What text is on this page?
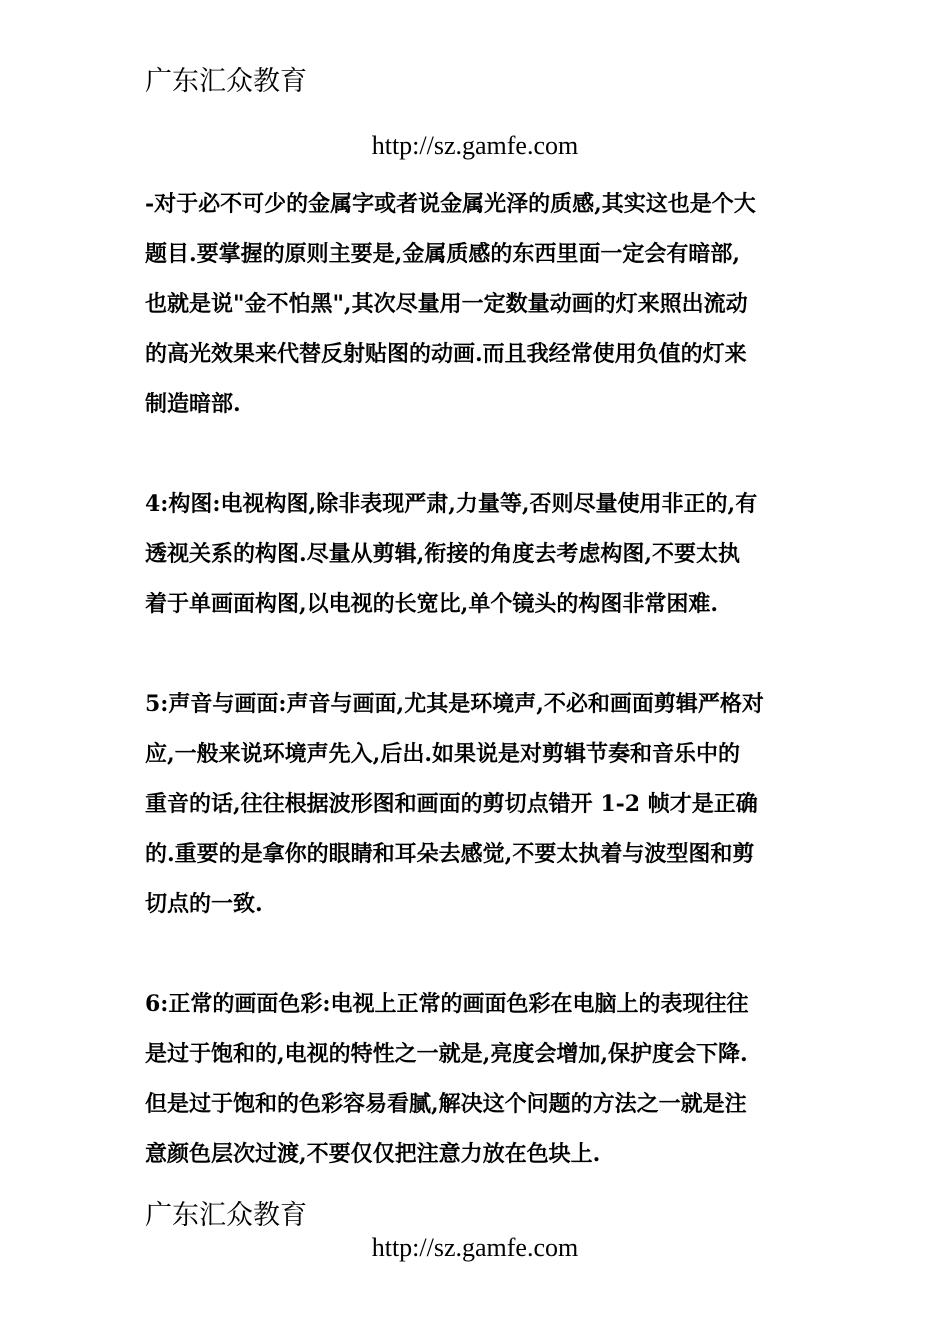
广东汇众教育
http://sz.gamfe.com

-对于必不可少的金属字或者说金属光泽的质感,其实这也是个大
题目.要掌握的原则主要是,金属质感的东西里面一定会有暗部,
也就是说"金不怕黑",其次尽量用一定数量动画的灯来照出流动
的高光效果来代替反射贴图的动画.而且我经常使用负值的灯来
制造暗部.

4:构图:电视构图,除非表现严肃,力量等,否则尽量使用非正的,有
透视关系的构图.尽量从剪辑,衔接的角度去考虑构图,不要太执
着于单画面构图,以电视的长宽比,单个镜头的构图非常困难.

5:声音与画面:声音与画面,尤其是环境声,不必和画面剪辑严格对
应,一般来说环境声先入,后出.如果说是对剪辑节奏和音乐中的
重音的话,往往根据波形图和画面的剪切点错开 1-2 帧才是正确
的.重要的是拿你的眼睛和耳朵去感觉,不要太执着与波型图和剪
切点的一致.

6:正常的画面色彩:电视上正常的画面色彩在电脑上的表现往往
是过于饱和的,电视的特性之一就是,亮度会增加,保护度会下降.
但是过于饱和的色彩容易看腻,解决这个问题的方法之一就是注
意颜色层次过渡,不要仅仅把注意力放在色块上.

广东汇众教育
http://sz.gamfe.com
